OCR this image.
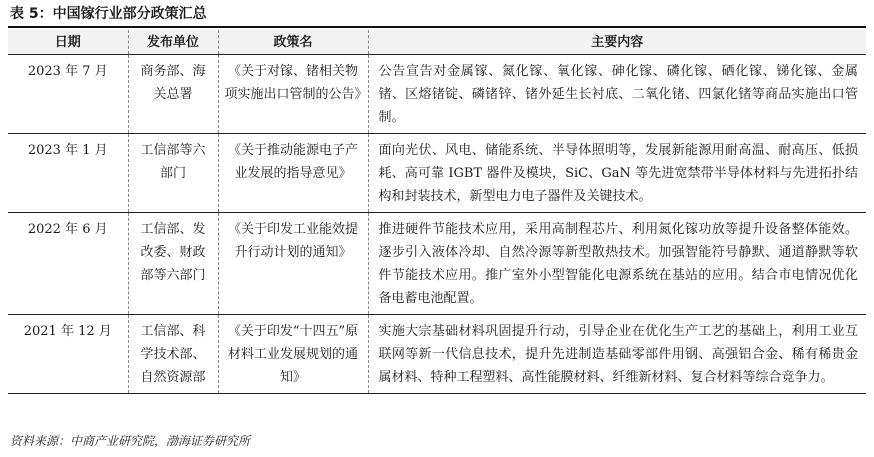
表 5：中国镓行业部分政策汇总
日期	发布单位	政策名	主要内容
2023 年 7 月	商务部、海关总署	《关于对镓、锗相关物项实施出口管制的公告》	公告宣告对金属镓、氮化镓、氧化镓、砷化镓、磷化镓、硒化镓、锑化镓、金属锗、区熔锗锭、磷锗锌、锗外延生长衬底、二氧化锗、四氯化锗等商品实施出口管制。
2023 年 1 月	工信部等六部门	《关于推动能源电子产业发展的指导意见》	面向光伏、风电、储能系统、半导体照明等，发展新能源用耐高温、耐高压、低损耗、高可靠 IGBT 器件及模块，SiC、GaN 等先进宽禁带半导体材料与先进拓扑结构和封装技术，新型电力电子器件及关键技术。
2022 年 6 月	工信部、发改委、财政部等六部门	《关于印发工业能效提升行动计划的通知》	推进硬件节能技术应用，采用高制程芯片、利用氮化镓功放等提升设备整体能效。逐步引入液体冷却、自然冷源等新型散热技术。加强智能符号静默、通道静默等软件节能技术应用。推广室外小型智能化电源系统在基站的应用。结合市电情况优化备电蓄电池配置。
2021 年 12 月	工信部、科学技术部、自然资源部	《关于印发“十四五”原材料工业发展规划的通知》	实施大宗基础材料巩固提升行动，引导企业在优化生产工艺的基础上，利用工业互联网等新一代信息技术，提升先进制造基础零部件用钢、高强铝合金、稀有稀贵金属材料、特种工程塑料、高性能膜材料、纤维新材料、复合材料等综合竞争力。
资料来源：中商产业研究院，渤海证券研究所
